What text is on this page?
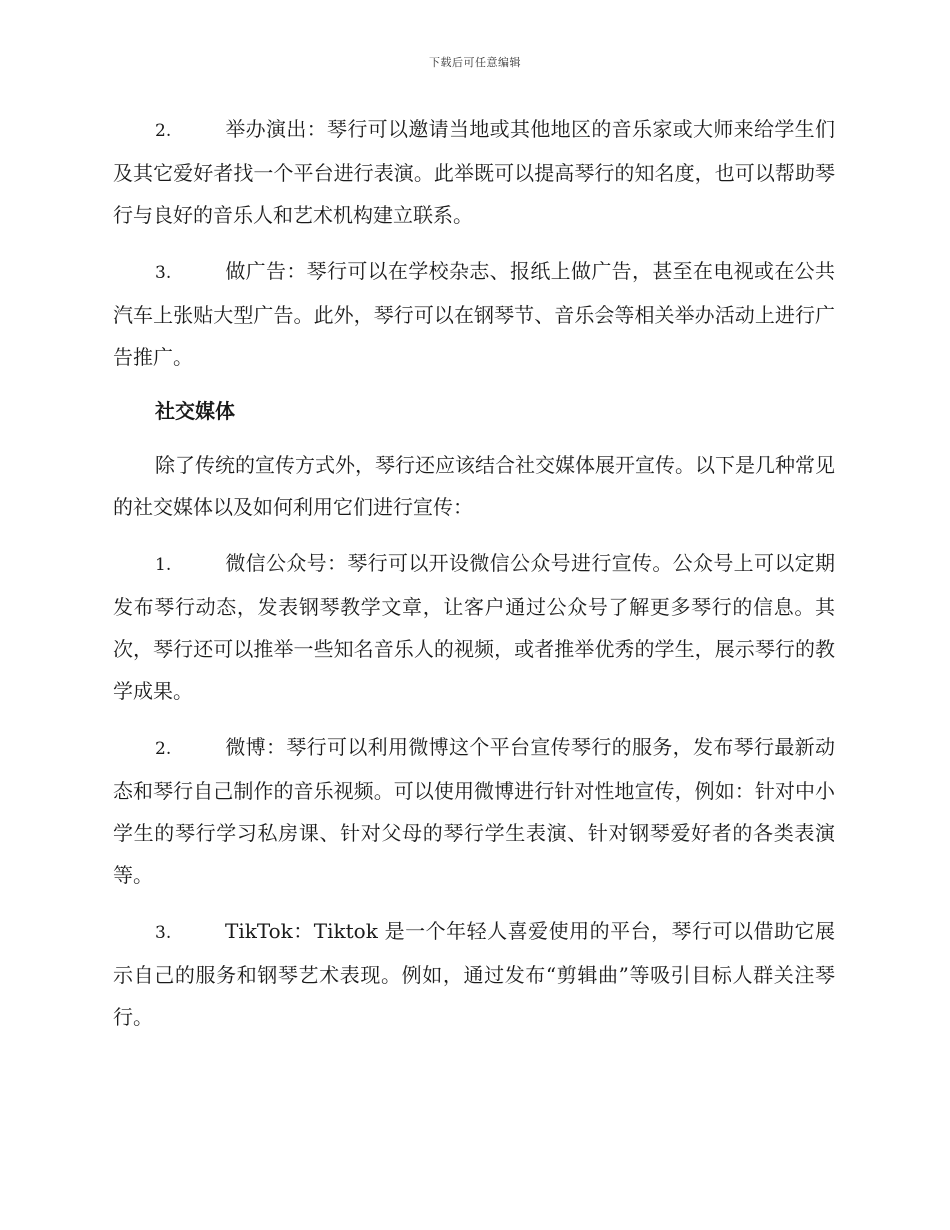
下载后可任意编辑

2.	举办演出：琴行可以邀请当地或其他地区的音乐家或大师来给学生们及其它爱好者找一个平台进行表演。此举既可以提高琴行的知名度，也可以帮助琴行与良好的音乐人和艺术机构建立联系。

3.	做广告：琴行可以在学校杂志、报纸上做广告，甚至在电视或在公共汽车上张贴大型广告。此外，琴行可以在钢琴节、音乐会等相关举办活动上进行广告推广。

社交媒体

除了传统的宣传方式外，琴行还应该结合社交媒体展开宣传。以下是几种常见的社交媒体以及如何利用它们进行宣传：

1.	微信公众号：琴行可以开设微信公众号进行宣传。公众号上可以定期发布琴行动态，发表钢琴教学文章，让客户通过公众号了解更多琴行的信息。其次，琴行还可以推举一些知名音乐人的视频，或者推举优秀的学生，展示琴行的教学成果。

2.	微博：琴行可以利用微博这个平台宣传琴行的服务，发布琴行最新动态和琴行自己制作的音乐视频。可以使用微博进行针对性地宣传，例如：针对中小学生的琴行学习私房课、针对父母的琴行学生表演、针对钢琴爱好者的各类表演等。

3.	TikTok：Tiktok 是一个年轻人喜爱使用的平台，琴行可以借助它展示自己的服务和钢琴艺术表现。例如，通过发布“剪辑曲”等吸引目标人群关注琴行。
